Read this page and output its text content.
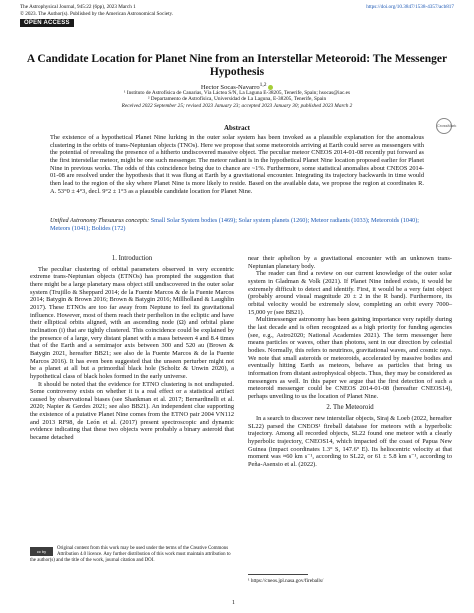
The Astrophysical Journal, 945:22 (6pp), 2023 March 1
© 2023. The Author(s). Published by the American Astronomical Society.
https://doi.org/10.3847/1538-4357/acb817
OPEN ACCESS
A Candidate Location for Planet Nine from an Interstellar Meteoroid: The Messenger Hypothesis
Hector Socas-Navarro$^{1,2}$
¹ Instituto de Astrofísica de Canarias, Vía Láctea S/N, La Laguna E-38205, Tenerife, Spain; hsocas@iac.es
² Departamento de Astrofísica, Universidad de La Laguna, E-38205, Tenerife, Spain
Received 2022 September 25; revised 2023 January 23; accepted 2023 January 30; published 2023 March 2
CrossMark
Abstract
The existence of a hypothetical Planet Nine lurking in the outer solar system has been invoked as a plausible explanation for the anomalous clustering in the orbits of trans-Neptunian objects (TNOs). Here we propose that some meteoroids arriving at Earth could serve as messengers with the potential of revealing the presence of a hitherto undiscovered massive object. The peculiar meteor CNEOS 2014-01-08 recently put forward as the first interstellar meteor, might be one such messenger. The meteor radiant is in the hypothetical Planet Nine location proposed earlier for Planet Nine in previous works. The odds of this coincidence being due to chance are ~1%. Furthermore, some statistical anomalies about CNEOS 2014-01-08 are resolved under the hypothesis that it was flung at Earth by a gravitational encounter. Integrating its trajectory backwards in time would then lead to the region of the sky where Planet Nine is more likely to reside. Based on the available data, we propose the region at coordinates R. A. 53°0 ± 4°3, decl. 9°2 ± 1°3 as a plausible candidate location for Planet Nine.
Unified Astronomy Thesaurus concepts: Small Solar System bodies (1469); Solar system planets (1260); Meteor radiants (1033); Meteoroids (1040); Meteors (1041); Bolides (172)
1. Introduction

The peculiar clustering of orbital parameters observed in very eccentric extreme trans-Neptunian objects (ETNOs) has prompted the suggestion that there might be a large planetary mass object still undiscovered in the outer solar system (Trujillo & Sheppard 2014; de la Fuente Marcos & de la Fuente Marcos 2014; Batygin & Brown 2016; Brown & Batygin 2016; Millholland & Laughlin 2017). These ETNOs are too far away from Neptune to feel its gravitational influence. However, most of them reach their perihelion in the ecliptic and have their elliptical orbits aligned, with an ascending node (Ω) and orbital plane inclination (i) that are tightly clustered. This coincidence could be explained by the presence of a large, very distant planet with a mass between 4 and 8.4 times that of the Earth and a semimajor axis between 300 and 520 au (Brown & Batygin 2021, hereafter BB21; see also de la Fuente Marcos & de la Fuente Marcos 2016). It has even been suggested that the unseen perturber might not be a planet at all but a primordial black hole (Scholtz & Unwin 2020), a hypothetical class of black holes formed in the early universe.

It should be noted that the evidence for ETNO clustering is not undisputed. Some controversy exists on whether it is a real effect or a statistical artifact caused by observational biases (see Shankman et al. 2017; Bernardinelli et al. 2020; Napier & Gerdes 2021; see also BB21). An independent clue supporting the existence of a putative Planet Nine comes from the ETNO pair 2004 VN112 and 2013 RF98, de León et al. (2017) present spectroscopic and dynamic evidence indicating that these two objects were probably a binary asteroid that became detached

cc by
Original content from this work may be used under the terms of the Creative Commons Attribution 4.0 licence. Any further distribution of this work must maintain attribution to the author(s) and the title of the work, journal citation and DOI.

near their aphelion by a gravitational encounter with an unknown trans-Neptunian planetary body.

The reader can find a review on our current knowledge of the outer solar system in Gladman & Volk (2021). If Planet Nine indeed exists, it would be extremely difficult to detect and identify. First, it would be a very faint object (probably around visual magnitude 20 ± 2 in the R band). Furthermore, its orbital velocity would be extremely slow, completing an orbit every 7000–15,000 yr (see BB21).

Multimessenger astronomy has been gaining importance very rapidly during the last decade and is often recognized as a high priority for funding agencies (see, e.g., Astro2020; National Academies 2021). The term messenger here means particles or waves, other than photons, sent in our direction by celestial bodies. Normally, this refers to neutrinos, gravitational waves, and cosmic rays. We note that small asteroids or meteoroids, accelerated by massive bodies and eventually hitting Earth as meteors, behave as particles that bring us information from distant astrophysical objects. Thus, they may be considered as messengers as well. In this paper we argue that the first detection of such a meteoroid messenger could be CNEOS 2014-01-08 (hereafter CNEOS14), perhaps unveiling to us the location of Planet Nine.

2. The Meteoroid

In a search to discover new interstellar objects, Siraj & Loeb (2022, hereafter SL22) parsed the CNEOS¹ fireball database for meteors with a hyperbolic trajectory. Among all recorded objects, SL22 found one meteor with a clearly hyperbolic trajectory, CNEOS14, which impacted off the coast of Papua New Guinea (impact coordinates 1.3° S, 147.6° E). Its heliocentric velocity at that moment was ≈60 km s⁻¹, according to SL22, or 61 ± 5.8 km s⁻¹, according to Peña-Asensio et al. (2022).

¹ https://cneos.jpl.nasa.gov/fireballs/
1
